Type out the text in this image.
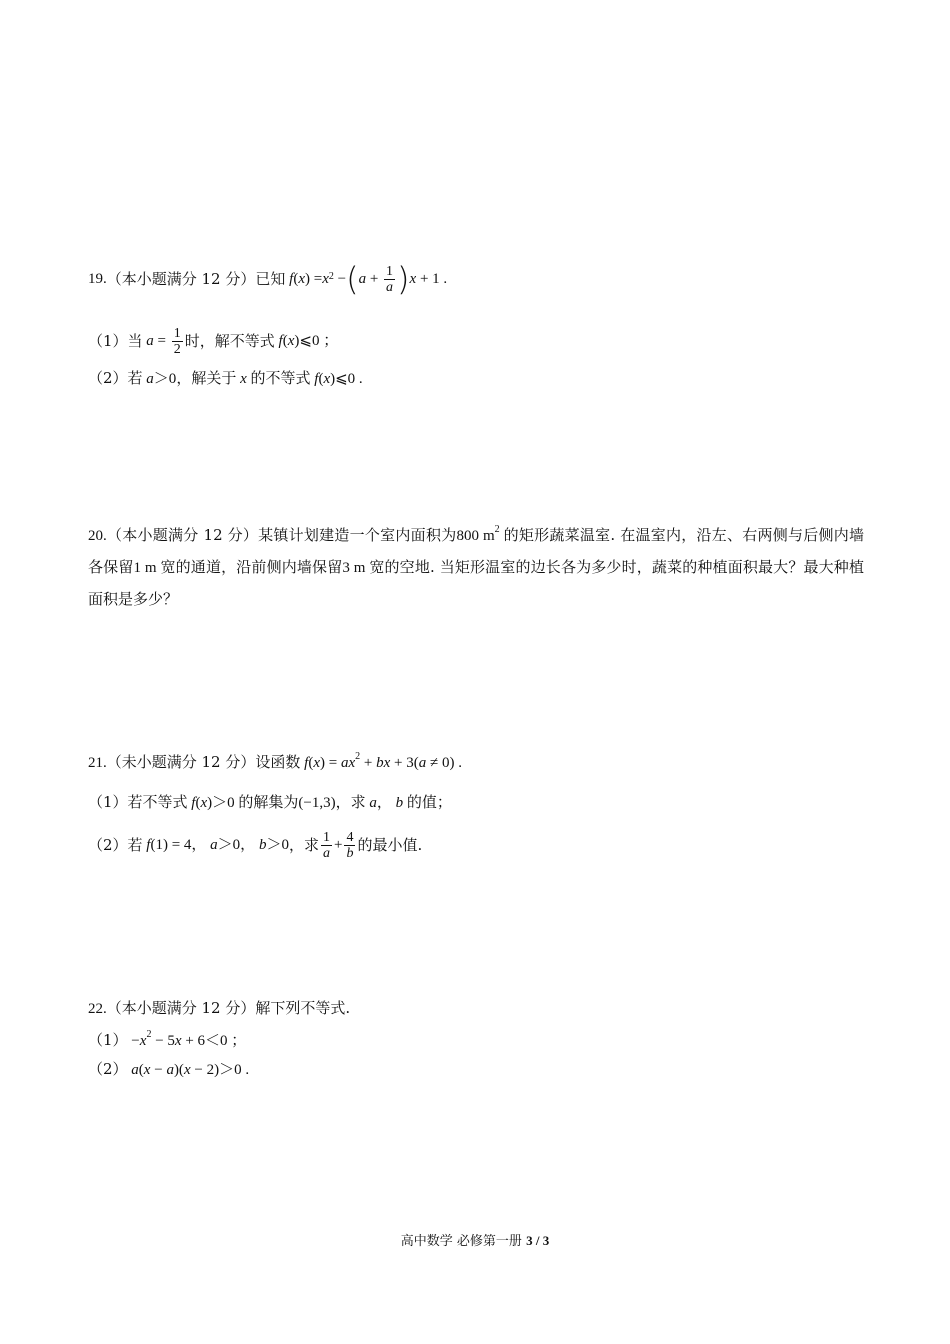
19. （本小题满分 12 分） 已知 f ( x ) = $x^2$ − ( $a + \frac{1}{a}$ ) x + 1 .
（1）当 $a = \frac{1}{2}$ 时，解不等式 f ( x )⩽0 ；
（2）若 a＞0，解关于 x 的不等式 f(x)⩽0 .
20.（本小题满分 12 分）某镇计划建造一个室内面积为800 $m^2$ 的矩形蔬菜温室. 在温室内，沿左、右两侧与后侧内墙各保留1 m 宽的通道，沿前侧内墙保留3 m 宽的空地. 当矩形温室的边长各为多少时，蔬菜的种植面积最大？最大种植面积是多少？
21.（未小题满分 12 分）设函数 $f(x) = ax^2$ + bx + 3(a ≠ 0) .
（1）若不等式 f(x)＞0 的解集为(−1,3)，求 a， b 的值；
（2）若 f (1) = 4， a ＞0， b ＞0 ，求 $\frac{1}{a} + \frac{4}{b}$ 的最小值.
22.（本小题满分 12 分）解下列不等式.
$(1) -x^2 - 5x + 6<0$ ；
（2） a(x − a)(x − 2)＞0 .
高中数学 必修第一册 3 / 3
